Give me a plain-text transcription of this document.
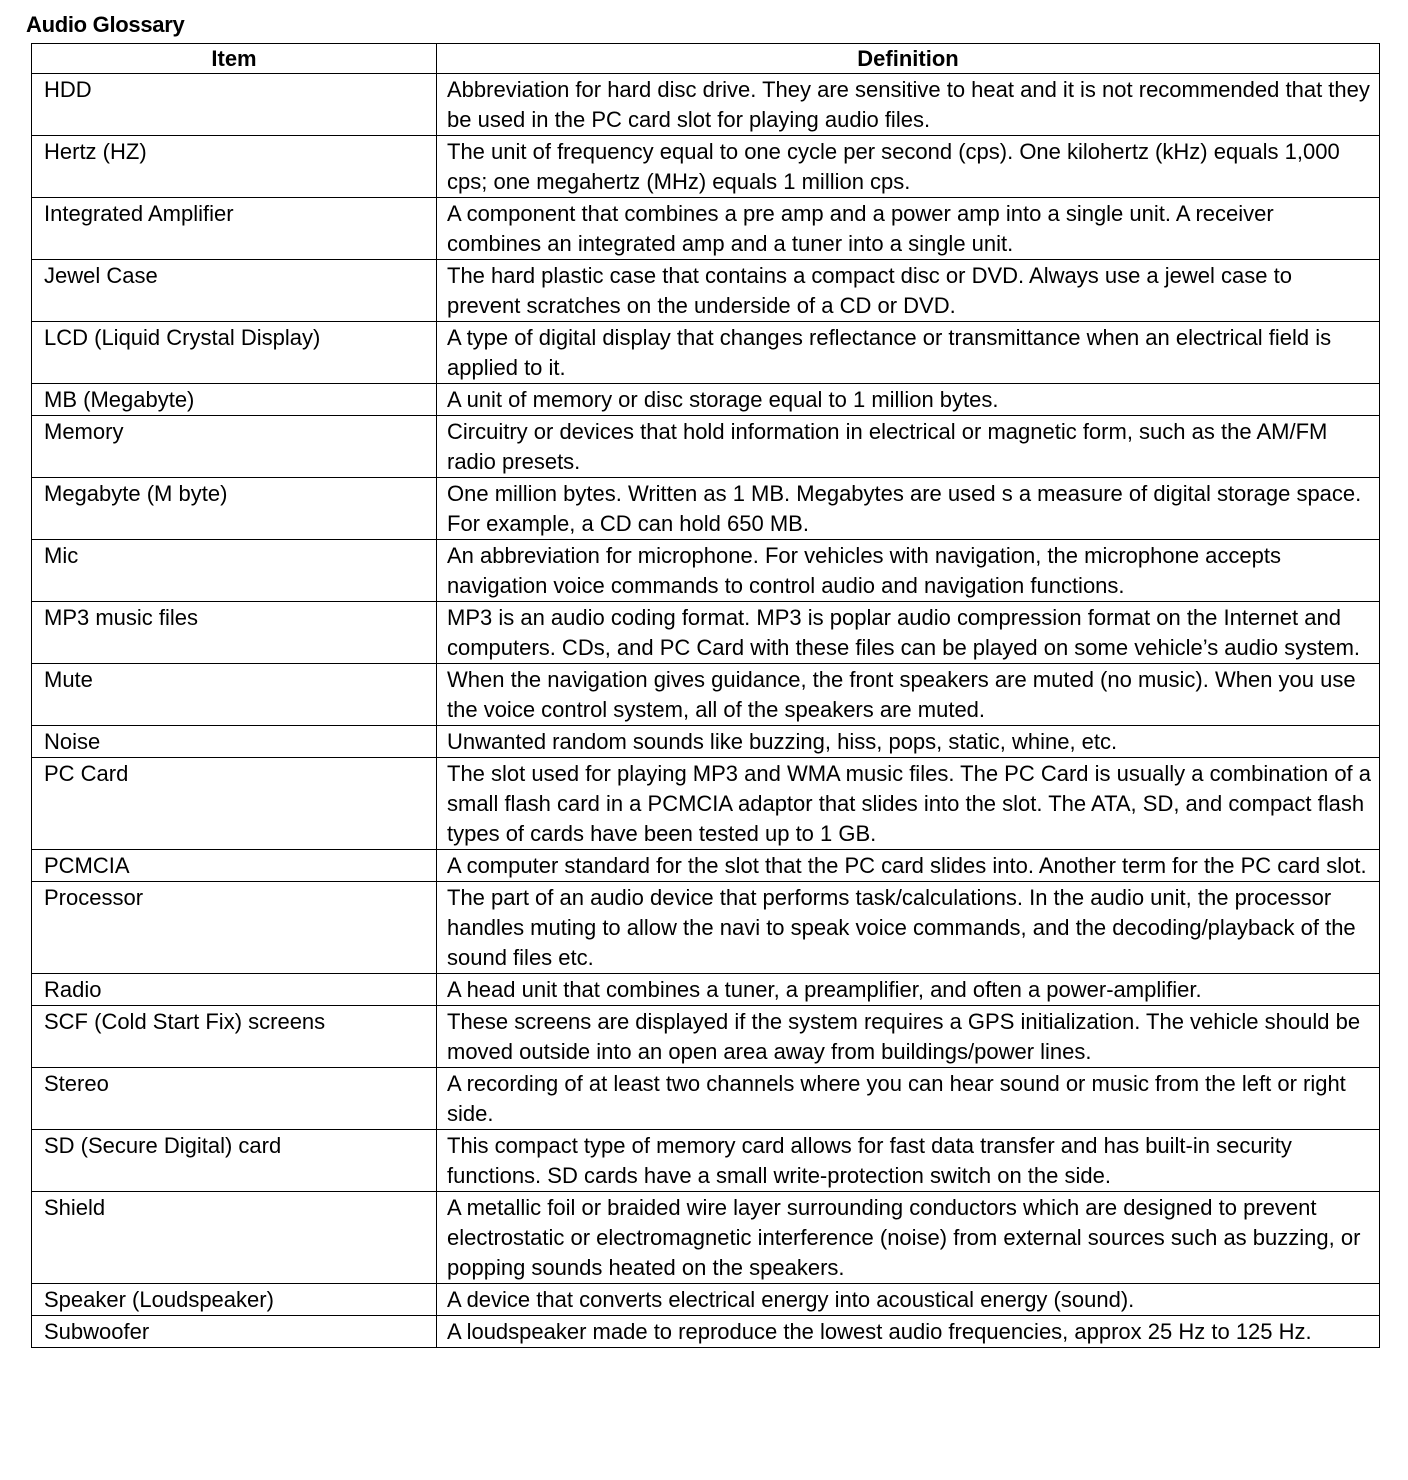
Audio Glossary
Item	Definition
HDD	Abbreviation for hard disc drive. They are sensitive to heat and it is not recommended that they be used in the PC card slot for playing audio files.
Hertz (HZ)	The unit of frequency equal to one cycle per second (cps). One kilohertz (kHz) equals 1,000 cps; one megahertz (MHz) equals 1 million cps.
Integrated Amplifier	A component that combines a pre amp and a power amp into a single unit. A receiver combines an integrated amp and a tuner into a single unit.
Jewel Case	The hard plastic case that contains a compact disc or DVD. Always use a jewel case to prevent scratches on the underside of a CD or DVD.
LCD (Liquid Crystal Display)	A type of digital display that changes reflectance or transmittance when an electrical field is applied to it.
MB (Megabyte)	A unit of memory or disc storage equal to 1 million bytes.
Memory	Circuitry or devices that hold information in electrical or magnetic form, such as the AM/FM radio presets.
Megabyte (M byte)	One million bytes. Written as 1 MB. Megabytes are used s a measure of digital storage space. For example, a CD can hold 650 MB.
Mic	An abbreviation for microphone. For vehicles with navigation, the microphone accepts navigation voice commands to control audio and navigation functions.
MP3 music files	MP3 is an audio coding format. MP3 is poplar audio compression format on the Internet and computers. CDs, and PC Card with these files can be played on some vehicle’s audio system.
Mute	When the navigation gives guidance, the front speakers are muted (no music). When you use the voice control system, all of the speakers are muted.
Noise	Unwanted random sounds like buzzing, hiss, pops, static, whine, etc.
PC Card	The slot used for playing MP3 and WMA music files. The PC Card is usually a combination of a small flash card in a PCMCIA adaptor that slides into the slot. The ATA, SD, and compact flash types of cards have been tested up to 1 GB.
PCMCIA	A computer standard for the slot that the PC card slides into. Another term for the PC card slot.
Processor	The part of an audio device that performs task/calculations. In the audio unit, the processor handles muting to allow the navi to speak voice commands, and the decoding/playback of the sound files etc.
Radio	A head unit that combines a tuner, a preamplifier, and often a power-amplifier.
SCF (Cold Start Fix) screens	These screens are displayed if the system requires a GPS initialization. The vehicle should be moved outside into an open area away from buildings/power lines.
Stereo	A recording of at least two channels where you can hear sound or music from the left or right side.
SD (Secure Digital) card	This compact type of memory card allows for fast data transfer and has built-in security functions. SD cards have a small write-protection switch on the side.
Shield	A metallic foil or braided wire layer surrounding conductors which are designed to prevent electrostatic or electromagnetic interference (noise) from external sources such as buzzing, or popping sounds heated on the speakers.
Speaker (Loudspeaker)	A device that converts electrical energy into acoustical energy (sound).
Subwoofer	A loudspeaker made to reproduce the lowest audio frequencies, approx 25 Hz to 125 Hz.
